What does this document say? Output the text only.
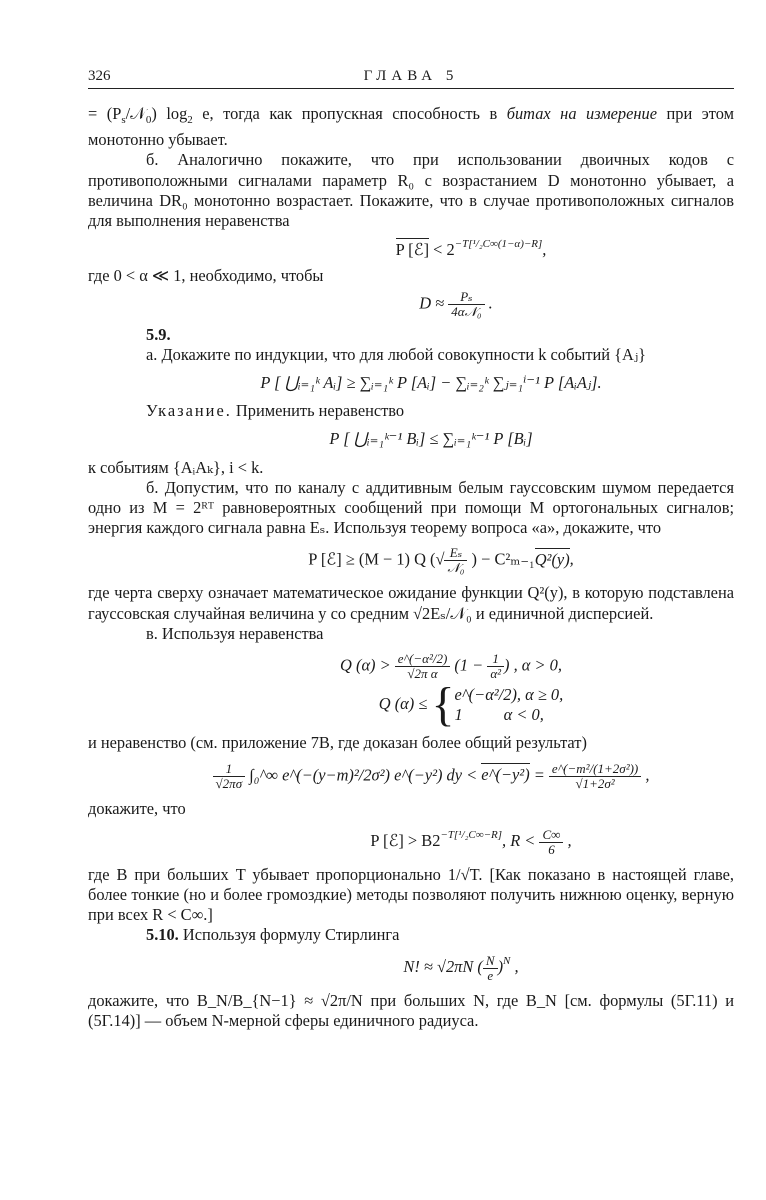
326	ГЛАВА 5

= $(P_s/𝒩_0)$ $\log_2 e$, тогда как пропускная способность в битах на измерение при этом монотонно убывает.

б. Аналогично покажите, что при использовании двоичных кодов с противоположными сигналами параметр R₀ с возрастанием D монотонно убывает, а величина DR₀ монотонно возрастает. Покажите, что в случае противоположных сигналов для выполнения неравенства

P [ℰ] < $2^{-T[^1/_2C\infty(1-\alpha)-R]}$,

где 0 < α ≪ 1, необходимо, чтобы

$D \approx \frac{\text{Pₛ}}{\text{4α𝒩₀}}$ .

5.9.

а. Докажите по индукции, что для любой совокупности k событий {Aⱼ}

P [ ⋃ᵢ₌₁ᵏ Aᵢ] ≥ ∑ᵢ₌₁ᵏ P [Aᵢ] − ∑ᵢ₌₂ᵏ ∑ⱼ₌₁ⁱ⁻¹ P [AᵢAⱼ].

Указание. Применить неравенство

P [ ⋃ᵢ₌₁ᵏ⁻¹ Bᵢ] ≤ ∑ᵢ₌₁ᵏ⁻¹ P [Bᵢ]

к событиям {AᵢAₖ}, i < k.

б. Допустим, что по каналу с аддитивным белым гауссовским шумом передается одно из M = 2ᴿᵀ равновероятных сообщений при помощи M ортогональных сигналов; энергия каждого сигнала равна Eₛ. Используя теорему вопроса «а», докажите, что

P [ℰ] ≥ (M − 1) Q (√ $\frac{\text{Eₛ}}{\text{𝒩₀}}$ ) − C²ₘ₋₁Q²(y),

где черта сверху означает математическое ожидание функции Q²(y), в которую подставлена гауссовская случайная величина y со средним √2Eₛ/𝒩₀ и единичной дисперсией.

в. Используя неравенства

Q $(\alpha) > \frac{\text{e\textasciicircum{}(−α²/2)}}{\text{√2π α}} (1 - \frac{1}{\text{α²}}$ ) , α > 0,
Q (α) ≤ { e^(−α²/2), α ≥ 0,
1          α < 0,

и неравенство (см. приложение 7В, где доказан более общий результат)

$\frac{1}{√2\pi\sigma}$ ∫₀^∞ e^(−(y−m)²/2σ²) e^(−y²) dy < e^(−y²) = $\frac{\text{e\textasciicircum{}(−m²/(1+2σ²))}}{\text{√1+2σ²}}$ ,

докажите, что

P [ℰ] > $B2^{-T[^1/_2C\infty-R]}$, $R < \frac{C\infty}{6}$ ,

где B при больших T убывает пропорционально 1/√T. [Как показано в настоящей главе, более тонкие (но и более громоздкие) методы позволяют получить нижнюю оценку, верную при всех R < C∞.]

5.10. Используя формулу Стирлинга

N! ≈ √2πN ( $\frac{N}{e} )^N$ ,

докажите, что B_N/B_{N−1} ≈ √2π/N при больших N, где B_N [см. формулы (5Г.11) и (5Г.14)] — объем N-мерной сферы единичного радиуса.
